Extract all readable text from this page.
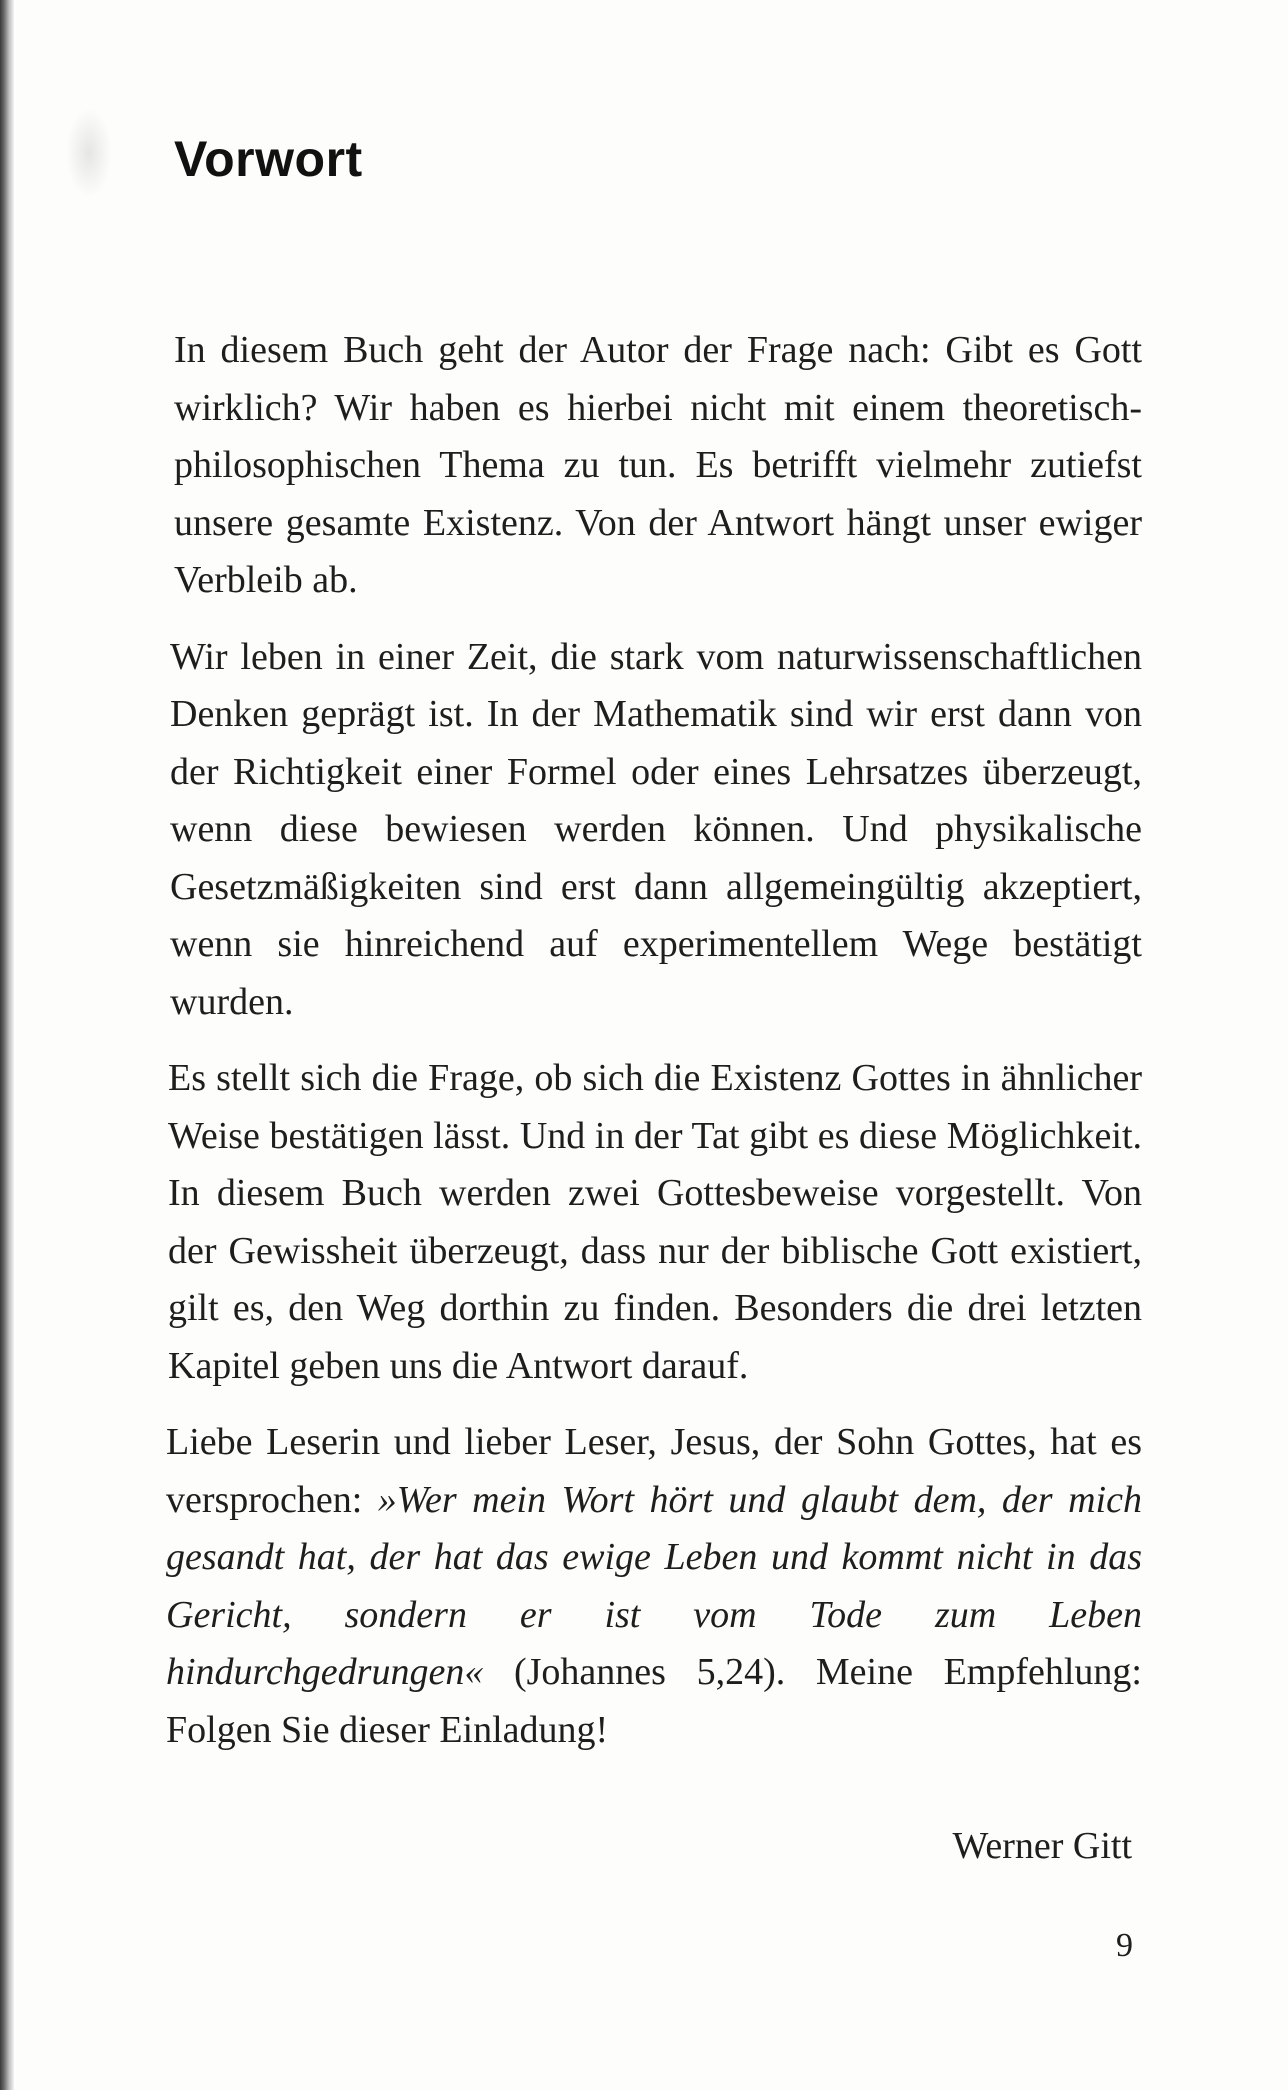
Vorwort

In diesem Buch geht der Autor der Frage nach: Gibt es Gott wirklich? Wir haben es hierbei nicht mit einem theoretisch-philosophischen Thema zu tun. Es betrifft vielmehr zutiefst unsere gesamte Existenz. Von der Antwort hängt unser ewiger Verbleib ab.

Wir leben in einer Zeit, die stark vom naturwissenschaftlichen Denken geprägt ist. In der Mathematik sind wir erst dann von der Richtigkeit einer Formel oder eines Lehrsatzes überzeugt, wenn diese bewiesen werden können. Und physikalische Gesetzmäßigkeiten sind erst dann allgemeingültig akzeptiert, wenn sie hinreichend auf experimentellem Wege bestätigt wurden.

Es stellt sich die Frage, ob sich die Existenz Gottes in ähnlicher Weise bestätigen lässt. Und in der Tat gibt es diese Möglichkeit. In diesem Buch werden zwei Gottesbeweise vorgestellt. Von der Gewissheit überzeugt, dass nur der biblische Gott existiert, gilt es, den Weg dorthin zu finden. Besonders die drei letzten Kapitel geben uns die Antwort darauf.

Liebe Leserin und lieber Leser, Jesus, der Sohn Gottes, hat es versprochen: »Wer mein Wort hört und glaubt dem, der mich gesandt hat, der hat das ewige Leben und kommt nicht in das Gericht, sondern er ist vom Tode zum Leben hindurchgedrungen« (Johannes 5,24). Meine Empfehlung: Folgen Sie dieser Einladung!

Werner Gitt
9
